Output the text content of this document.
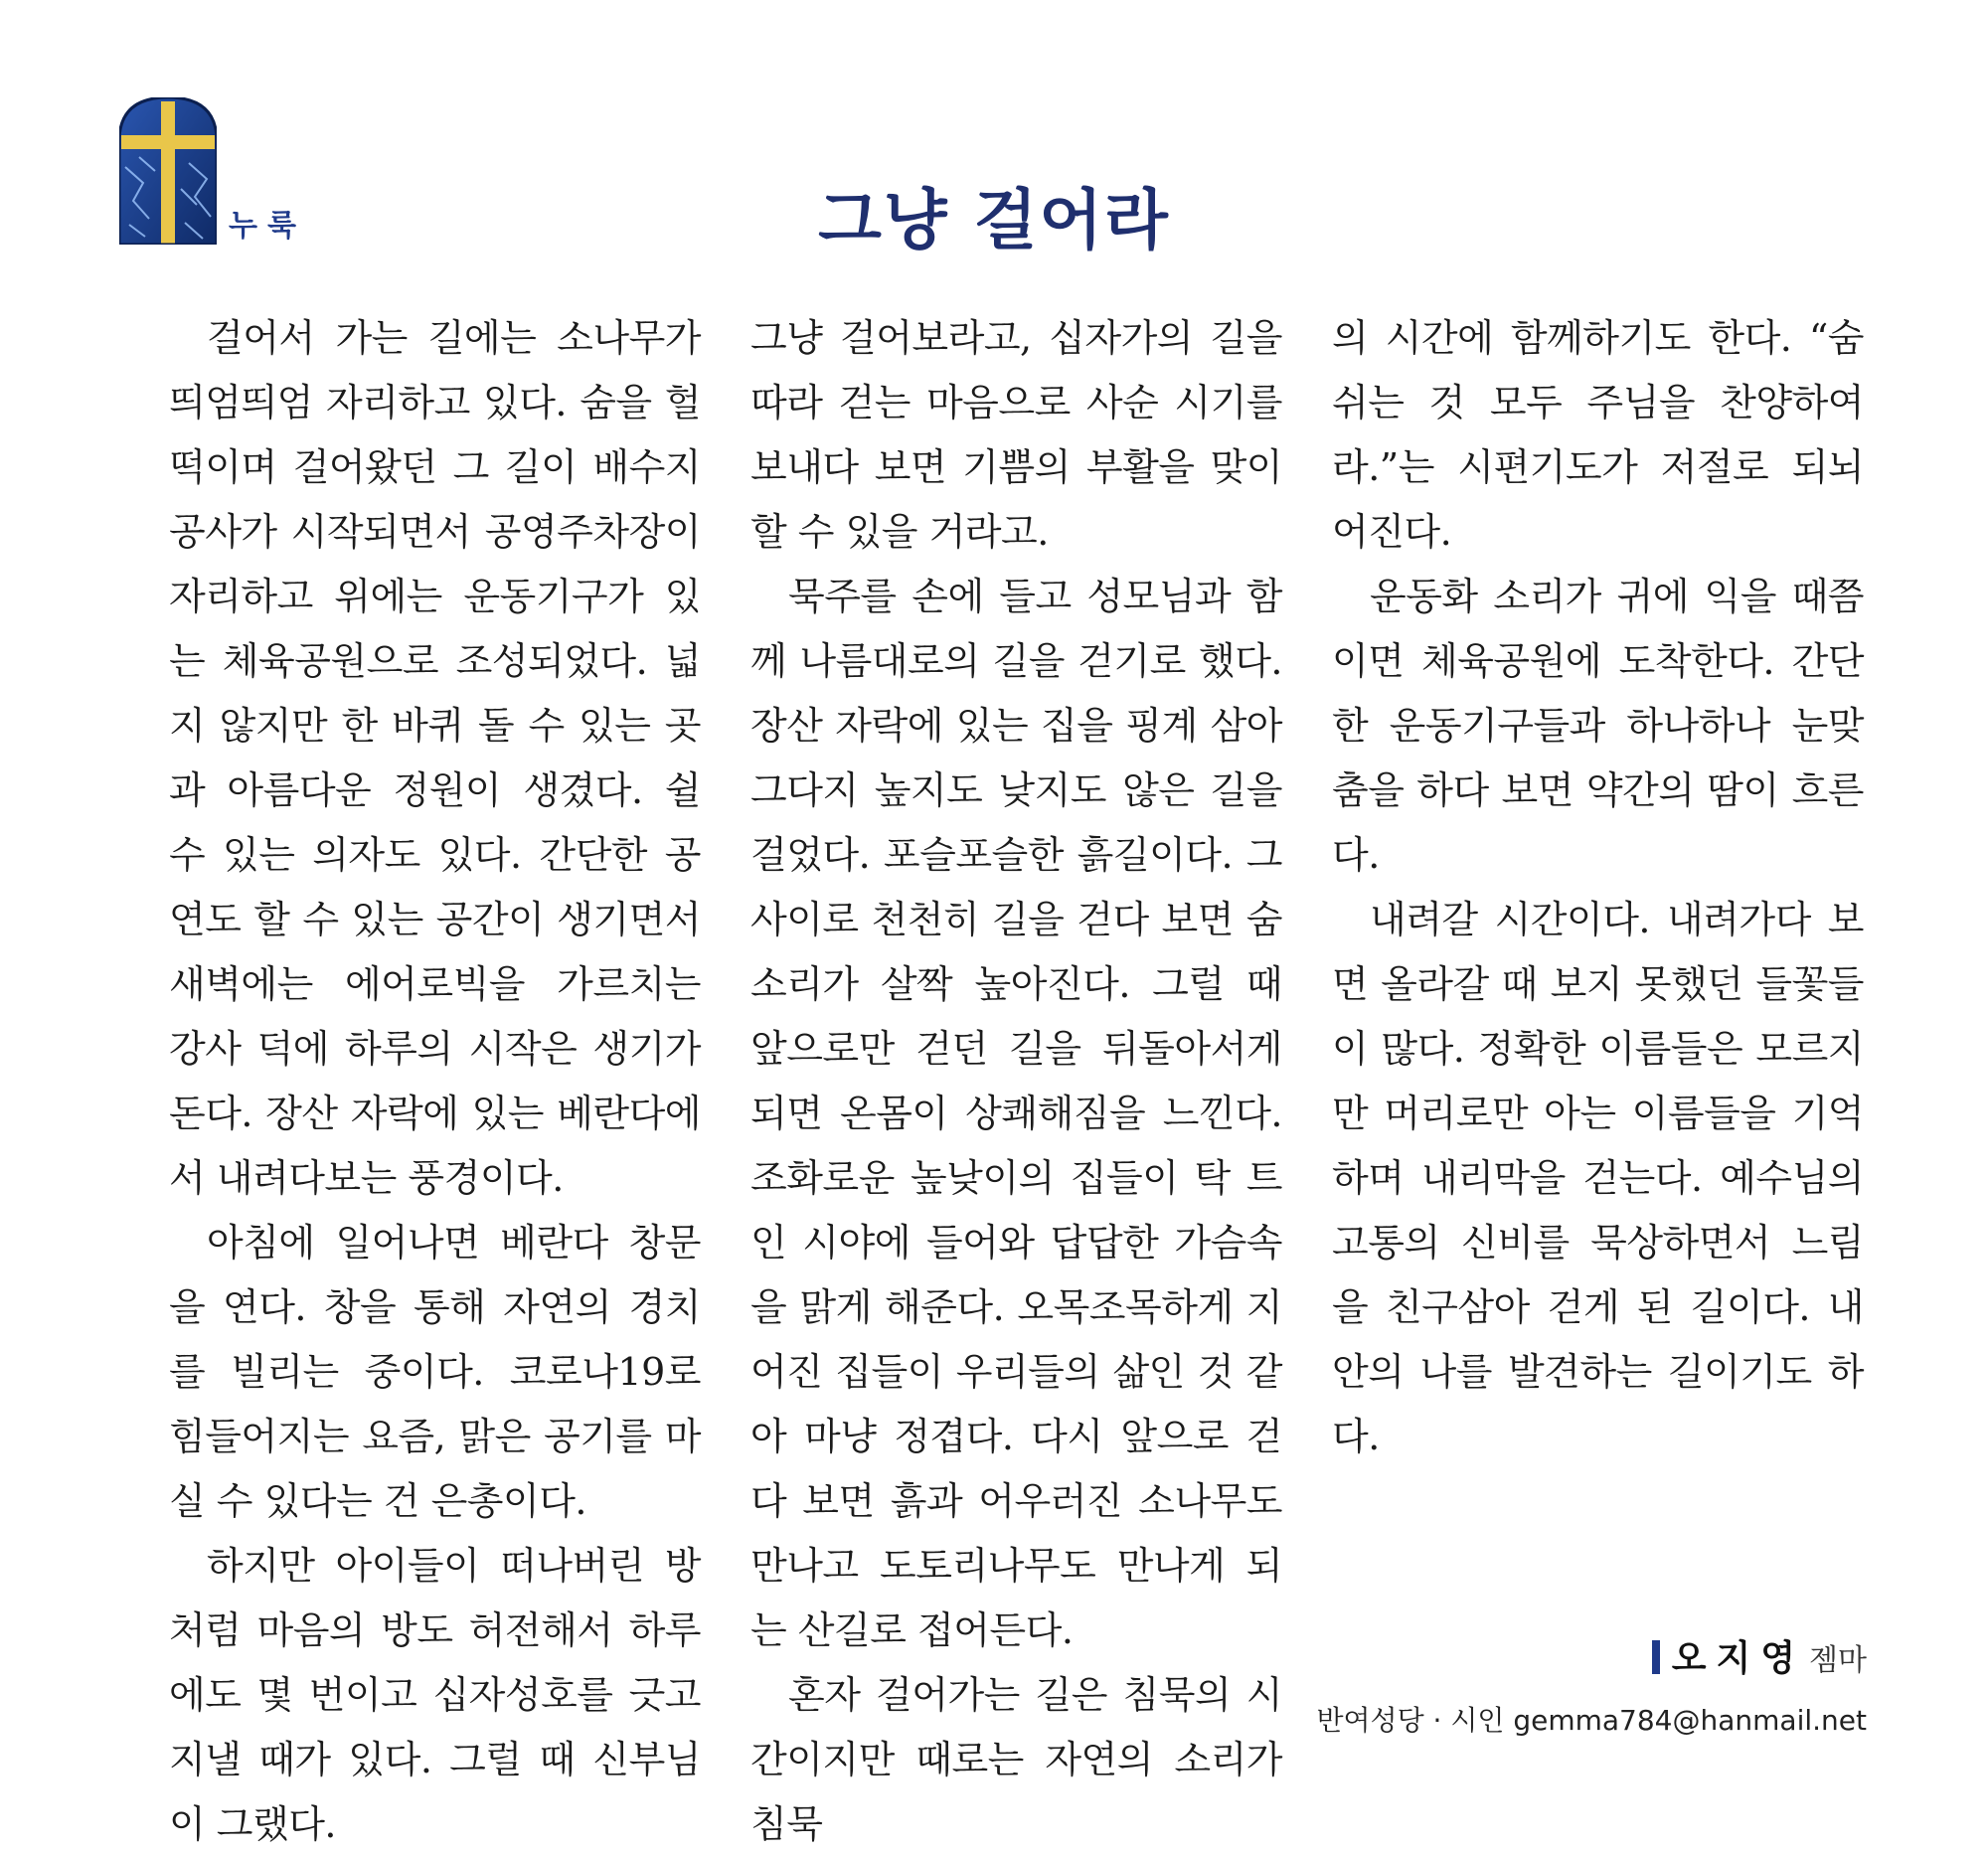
누룩	그냥 걸어라

걸어서 가는 길에는 소나무가 띄엄띄엄 자리하고 있다. 숨을 헐떡이며 걸어왔던 그 길이 배수지 공사가 시작되면서 공영주차장이 자리하고 위에는 운동기구가 있는 체육공원으로 조성되었다. 넓지 않지만 한 바퀴 돌 수 있는 곳과 아름다운 정원이 생겼다. 쉴 수 있는 의자도 있다. 간단한 공연도 할 수 있는 공간이 생기면서 새벽에는 에어로빅을 가르치는 강사 덕에 하루의 시작은 생기가 돈다. 장산 자락에 있는 베란다에서 내려다보는 풍경이다.

아침에 일어나면 베란다 창문을 연다. 창을 통해 자연의 경치를 빌리는 중이다. 코로나19로 힘들어지는 요즘, 맑은 공기를 마실 수 있다는 건 은총이다.

하지만 아이들이 떠나버린 방처럼 마음의 방도 허전해서 하루에도 몇 번이고 십자성호를 긋고 지낼 때가 있다. 그럴 때 신부님이 그랬다.

그냥 걸어보라고, 십자가의 길을 따라 걷는 마음으로 사순 시기를 보내다 보면 기쁨의 부활을 맞이할 수 있을 거라고.

묵주를 손에 들고 성모님과 함께 나름대로의 길을 걷기로 했다. 장산 자락에 있는 집을 핑계 삼아 그다지 높지도 낮지도 않은 길을 걸었다. 포슬포슬한 흙길이다. 그 사이로 천천히 길을 걷다 보면 숨소리가 살짝 높아진다. 그럴 때 앞으로만 걷던 길을 뒤돌아서게 되면 온몸이 상쾌해짐을 느낀다. 조화로운 높낮이의 집들이 탁 트인 시야에 들어와 답답한 가슴속을 맑게 해준다. 오목조목하게 지어진 집들이 우리들의 삶인 것 같아 마냥 정겹다. 다시 앞으로 걷다 보면 흙과 어우러진 소나무도 만나고 도토리나무도 만나게 되는 산길로 접어든다.

혼자 걸어가는 길은 침묵의 시간이지만 때로는 자연의 소리가 침묵

의 시간에 함께하기도 한다. “숨 쉬는 것 모두 주님을 찬양하여라.”는 시편기도가 저절로 되뇌어진다.

운동화 소리가 귀에 익을 때쯤이면 체육공원에 도착한다. 간단한 운동기구들과 하나하나 눈맞춤을 하다 보면 약간의 땀이 흐른다.

내려갈 시간이다. 내려가다 보면 올라갈 때 보지 못했던 들꽃들이 많다. 정확한 이름들은 모르지만 머리로만 아는 이름들을 기억하며 내리막을 걷는다. 예수님의 고통의 신비를 묵상하면서 느림을 친구삼아 걷게 된 길이다. 내 안의 나를 발견하는 길이기도 하다.

오지영 젬마
반여성당 · 시인 gemma784@hanmail.net
